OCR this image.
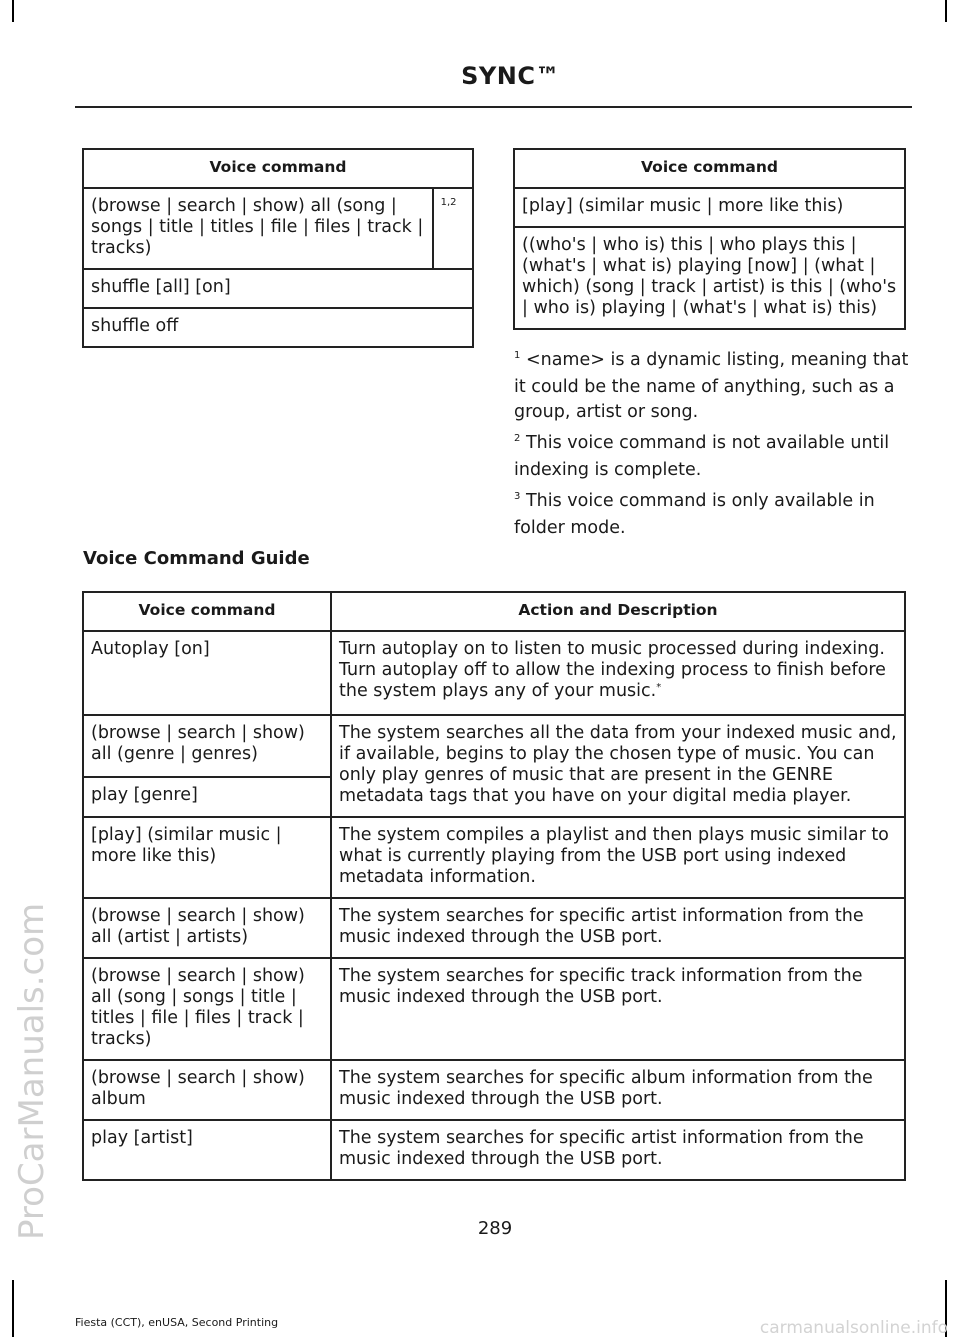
ProCarManuals.com
SYNC™
Voice command
(browse | search | show) all (song | songs | title | titles | file | files | track | tracks)	$^{1,2}$
shuffle [all] [on]
shuffle off
Voice command
[play] (similar music | more like this)
((who's | who is) this | who plays this | (what's | what is) playing [now] | (what | which) (song | track | artist) is this | (who's | who is) playing | (what's | what is) this)

$^1$ <name> is a dynamic listing, meaning that it could be the name of anything, such as a group, artist or song.

$^2$ This voice command is not available until indexing is complete.

$^3$ This voice command is only available in folder mode.

Voice Command Guide
Voice command	Action and Description
Autoplay [on]	Turn autoplay on to listen to music processed during indexing. Turn autoplay off to allow the indexing process to finish before the system plays any of your music.*
(browse | search | show) all (genre | genres)	The system searches all the data from your indexed music and, if available, begins to play the chosen type of music. You can only play genres of music that are present in the GENRE metadata tags that you have on your digital media player.
play [genre]	
[play] (similar music | more like this)	The system compiles a playlist and then plays music similar to what is currently playing from the USB port using indexed metadata information.
(browse | search | show) all (artist | artists)	The system searches for specific artist information from the music indexed through the USB port.
(browse | search | show) all (song | songs | title | titles | file | files | track | tracks)	The system searches for specific track information from the music indexed through the USB port.
(browse | search | show) album	The system searches for specific album information from the music indexed through the USB port.
play [artist]	The system searches for specific artist information from the music indexed through the USB port.
289
Fiesta (CCT), enUSA, Second Printing	carmanualsonline.info
